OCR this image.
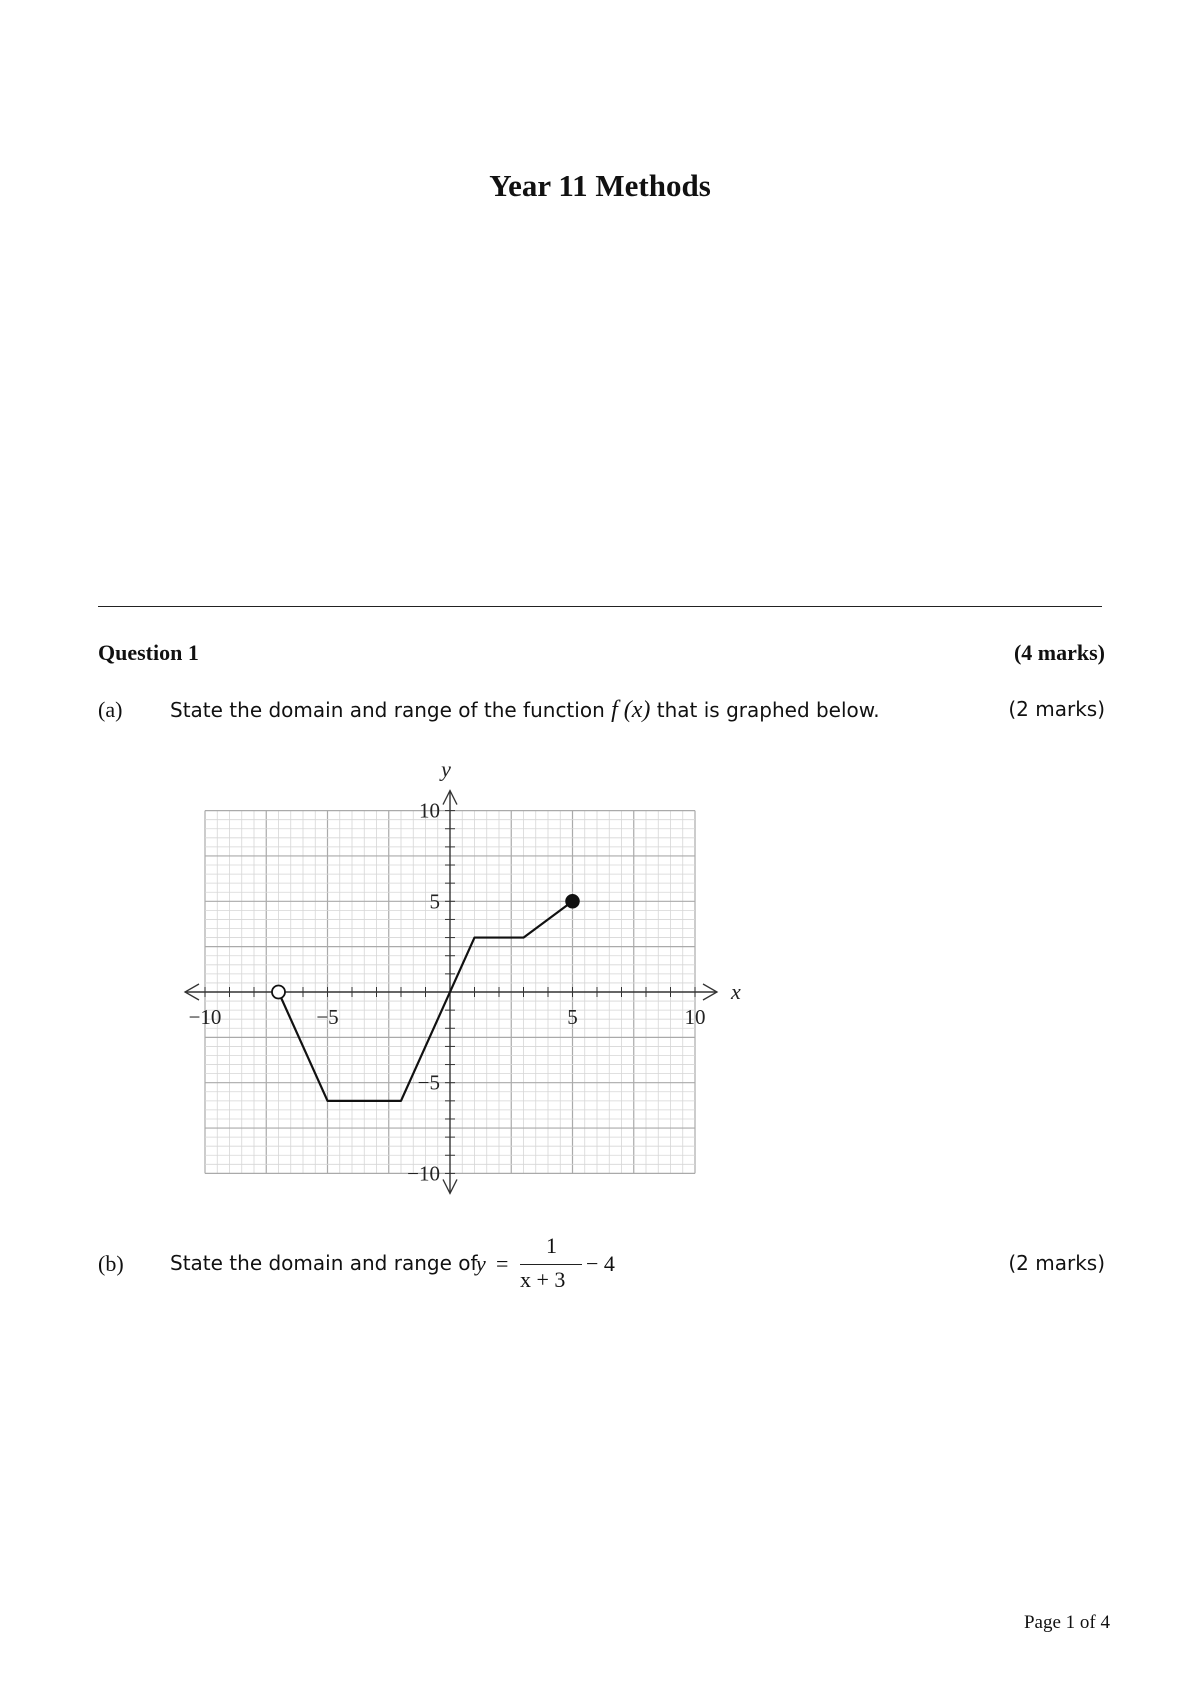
Year 11 Methods
Question 1	(4 marks)
(a) State the domain and range of the function f (x) that is graphed below.	(2 marks)
−10	−5	5	10
10
5
−5
−10
x
y
(b) State the domain and range of
y =
1
x + 3
− 4	(2 marks)
Page 1 of 4
